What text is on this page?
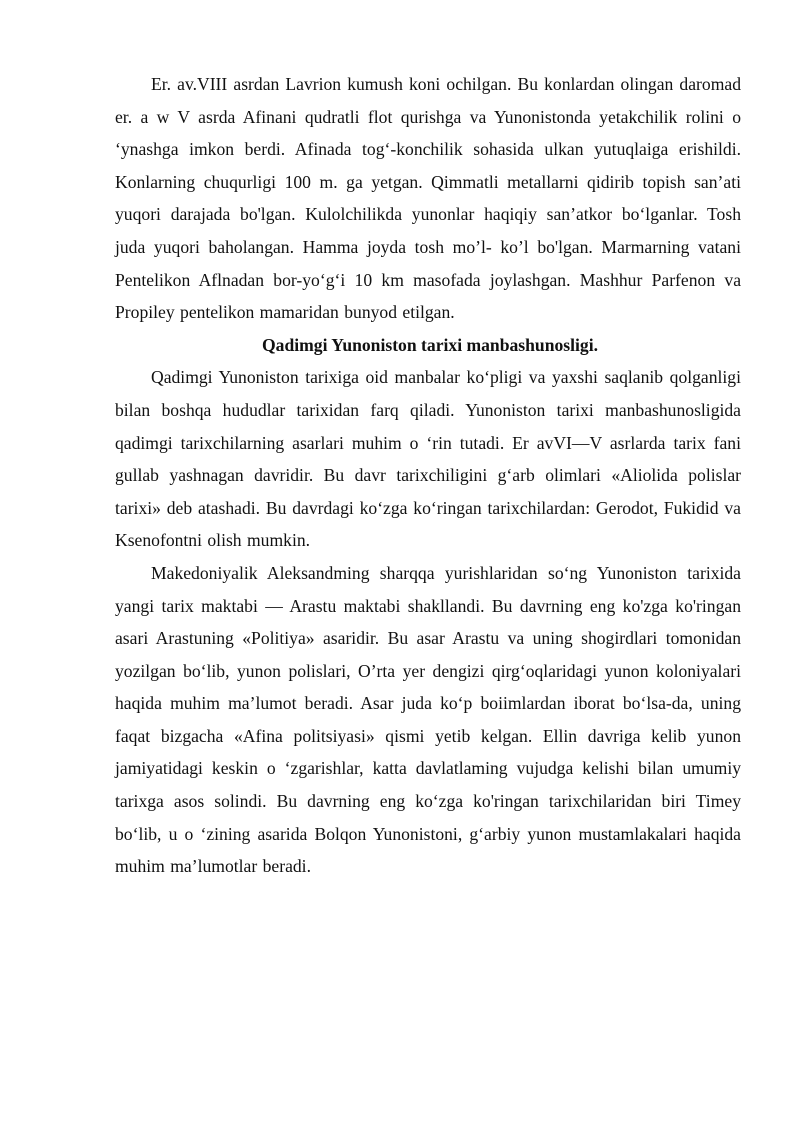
Er. av.VIII asrdan Lavrion kumush koni ochilgan. Bu konlardan olingan daromad er. a w V asrda Afinani qudratli flot qurishga va Yunonistonda yetakchilik rolini o ‘ynashga imkon berdi. Afinada tog‘-konchilik sohasida ulkan yutuqlaiga erishildi. Konlarning chuqurligi 100 m. ga yetgan. Qimmatli metallarni qidirib topish san’ati yuqori darajada bo'lgan. Kulolchilikda yunonlar haqiqiy san’atkor bo‘lganlar. Tosh juda yuqori baholangan. Hamma joyda tosh mo’l- ko’l bo'lgan. Marmarning vatani Pentelikon Aflnadan bor-yo‘g‘i 10 km masofada joylashgan. Mashhur Parfenon va Propiley pentelikon mamaridan bunyod etilgan.

Qadimgi Yunoniston tarixi manbashunosligi.

Qadimgi Yunoniston tarixiga oid manbalar ko‘pligi va yaxshi saqlanib qolganligi bilan boshqa hududlar tarixidan farq qiladi. Yunoniston tarixi manbashunosligida qadimgi tarixchilarning asarlari muhim o ‘rin tutadi. Er avVI—V asrlarda tarix fani gullab yashnagan davridir. Bu davr tarixchiligini g‘arb olimlari «Aliolida polislar tarixi» deb atashadi. Bu davrdagi ko‘zga ko‘ringan tarixchilardan: Gerodot, Fukidid va Ksenofontni olish mumkin.

Makedoniyalik Aleksandming sharqqa yurishlaridan so‘ng Yunoniston tarixida yangi tarix maktabi — Arastu maktabi shakllandi. Bu davrning eng ko'zga ko'ringan asari Arastuning «Politiya» asaridir. Bu asar Arastu va uning shogirdlari tomonidan yozilgan bo‘lib, yunon polislari, O’rta yer dengizi qirg‘oqlaridagi yunon koloniyalari haqida muhim ma’lumot beradi. Asar juda ko‘p boiimlardan iborat bo‘lsa-da, uning faqat bizgacha «Afina politsiyasi» qismi yetib kelgan. Ellin davriga kelib yunon jamiyatidagi keskin o ‘zgarishlar, katta davlatlaming vujudga kelishi bilan umumiy tarixga asos solindi. Bu davrning eng ko‘zga ko'ringan tarixchilaridan biri Timey bo‘lib, u o ‘zining asarida Bolqon Yunonistoni, g‘arbiy yunon mustamlakalari haqida muhim ma’lumotlar beradi.
